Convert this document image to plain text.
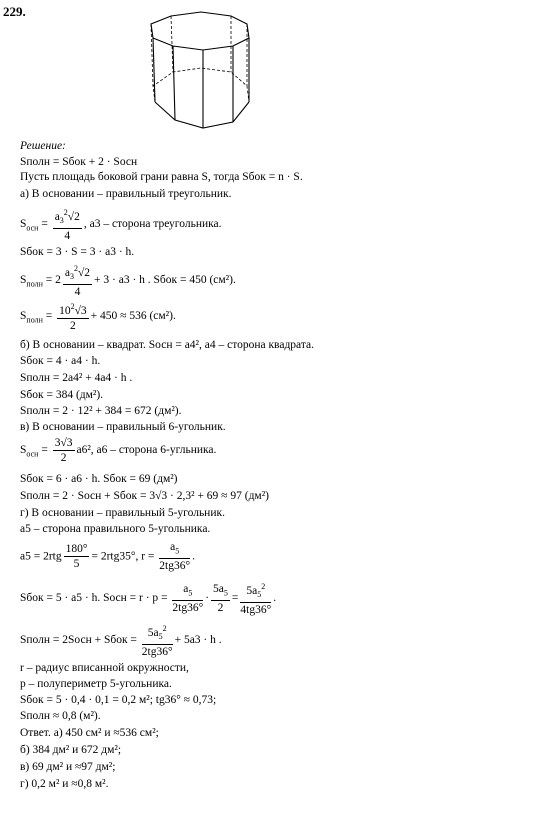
229.
Решение:
Sполн = Sбок + 2 · Sосн
Пусть площадь боковой грани равна S, тогда Sбок = n · S.
а) В основании – правильный треугольник.
$S_{осн} = \frac{a_3^2√2}{4}$ , a3 – сторона треугольника.
Sбок = 3 · S = 3 · a3 · h.
$S_{полн} = 2 \frac{a_3^2√2}{4} + 3 \cdot a3 \cdot h$ . Sбок = 450 (см²).
$S_{полн} = \frac{10^2√3}{2} + 450 \approx 536$ (см²).
б) В основании – квадрат. Sосн = a4², a4 – сторона квадрата.
Sбок = 4 · a4 · h.
Sполн = 2a4² + 4a4 · h .
Sбок = 384 (дм²).
Sполн = 2 · 12² + 384 = 672 (дм²).
в) В основании – правильный 6-угольник.
$S_{осн} = \frac{3√3}{2} a6^2$, a6 – сторона 6-угльника.
Sбок = 6 · a6 · h. Sбок = 69 (дм²)
Sполн = 2 · Sосн + Sбок = 3√3 · 2,3² + 69 ≈ 97 (дм²)
г) В основании – правильный 5-угольник.
a5 – сторона правильного 5-угольника.
$a5 = 2rtg \frac{180^\circ}{5} = 2rtg35^\circ$, $r = \frac{a_5}{2tg36^\circ}$ .
Sбок = 5 · a5 · h. Sосн = $r \cdot p = \frac{a_5}{2tg36^\circ} \cdot \frac{5a_5}{2} = \frac{5a_5^2}{4tg36^\circ}$ .
Sполн = 2Sосн + Sбок = $\frac{5a_5^2}{2tg36^\circ} + 5a3 \cdot h$ .
r – радиус вписанной окружности,
p – полупериметр 5-угольника.
Sбок = 5 · 0,4 · 0,1 = 0,2 м²; tg36° ≈ 0,73;
Sполн ≈ 0,8 (м²).
Ответ. а) 450 см² и ≈536 см²;
б) 384 дм² и 672 дм²;
в) 69 дм² и ≈97 дм²;
г) 0,2 м² и ≈0,8 м².
